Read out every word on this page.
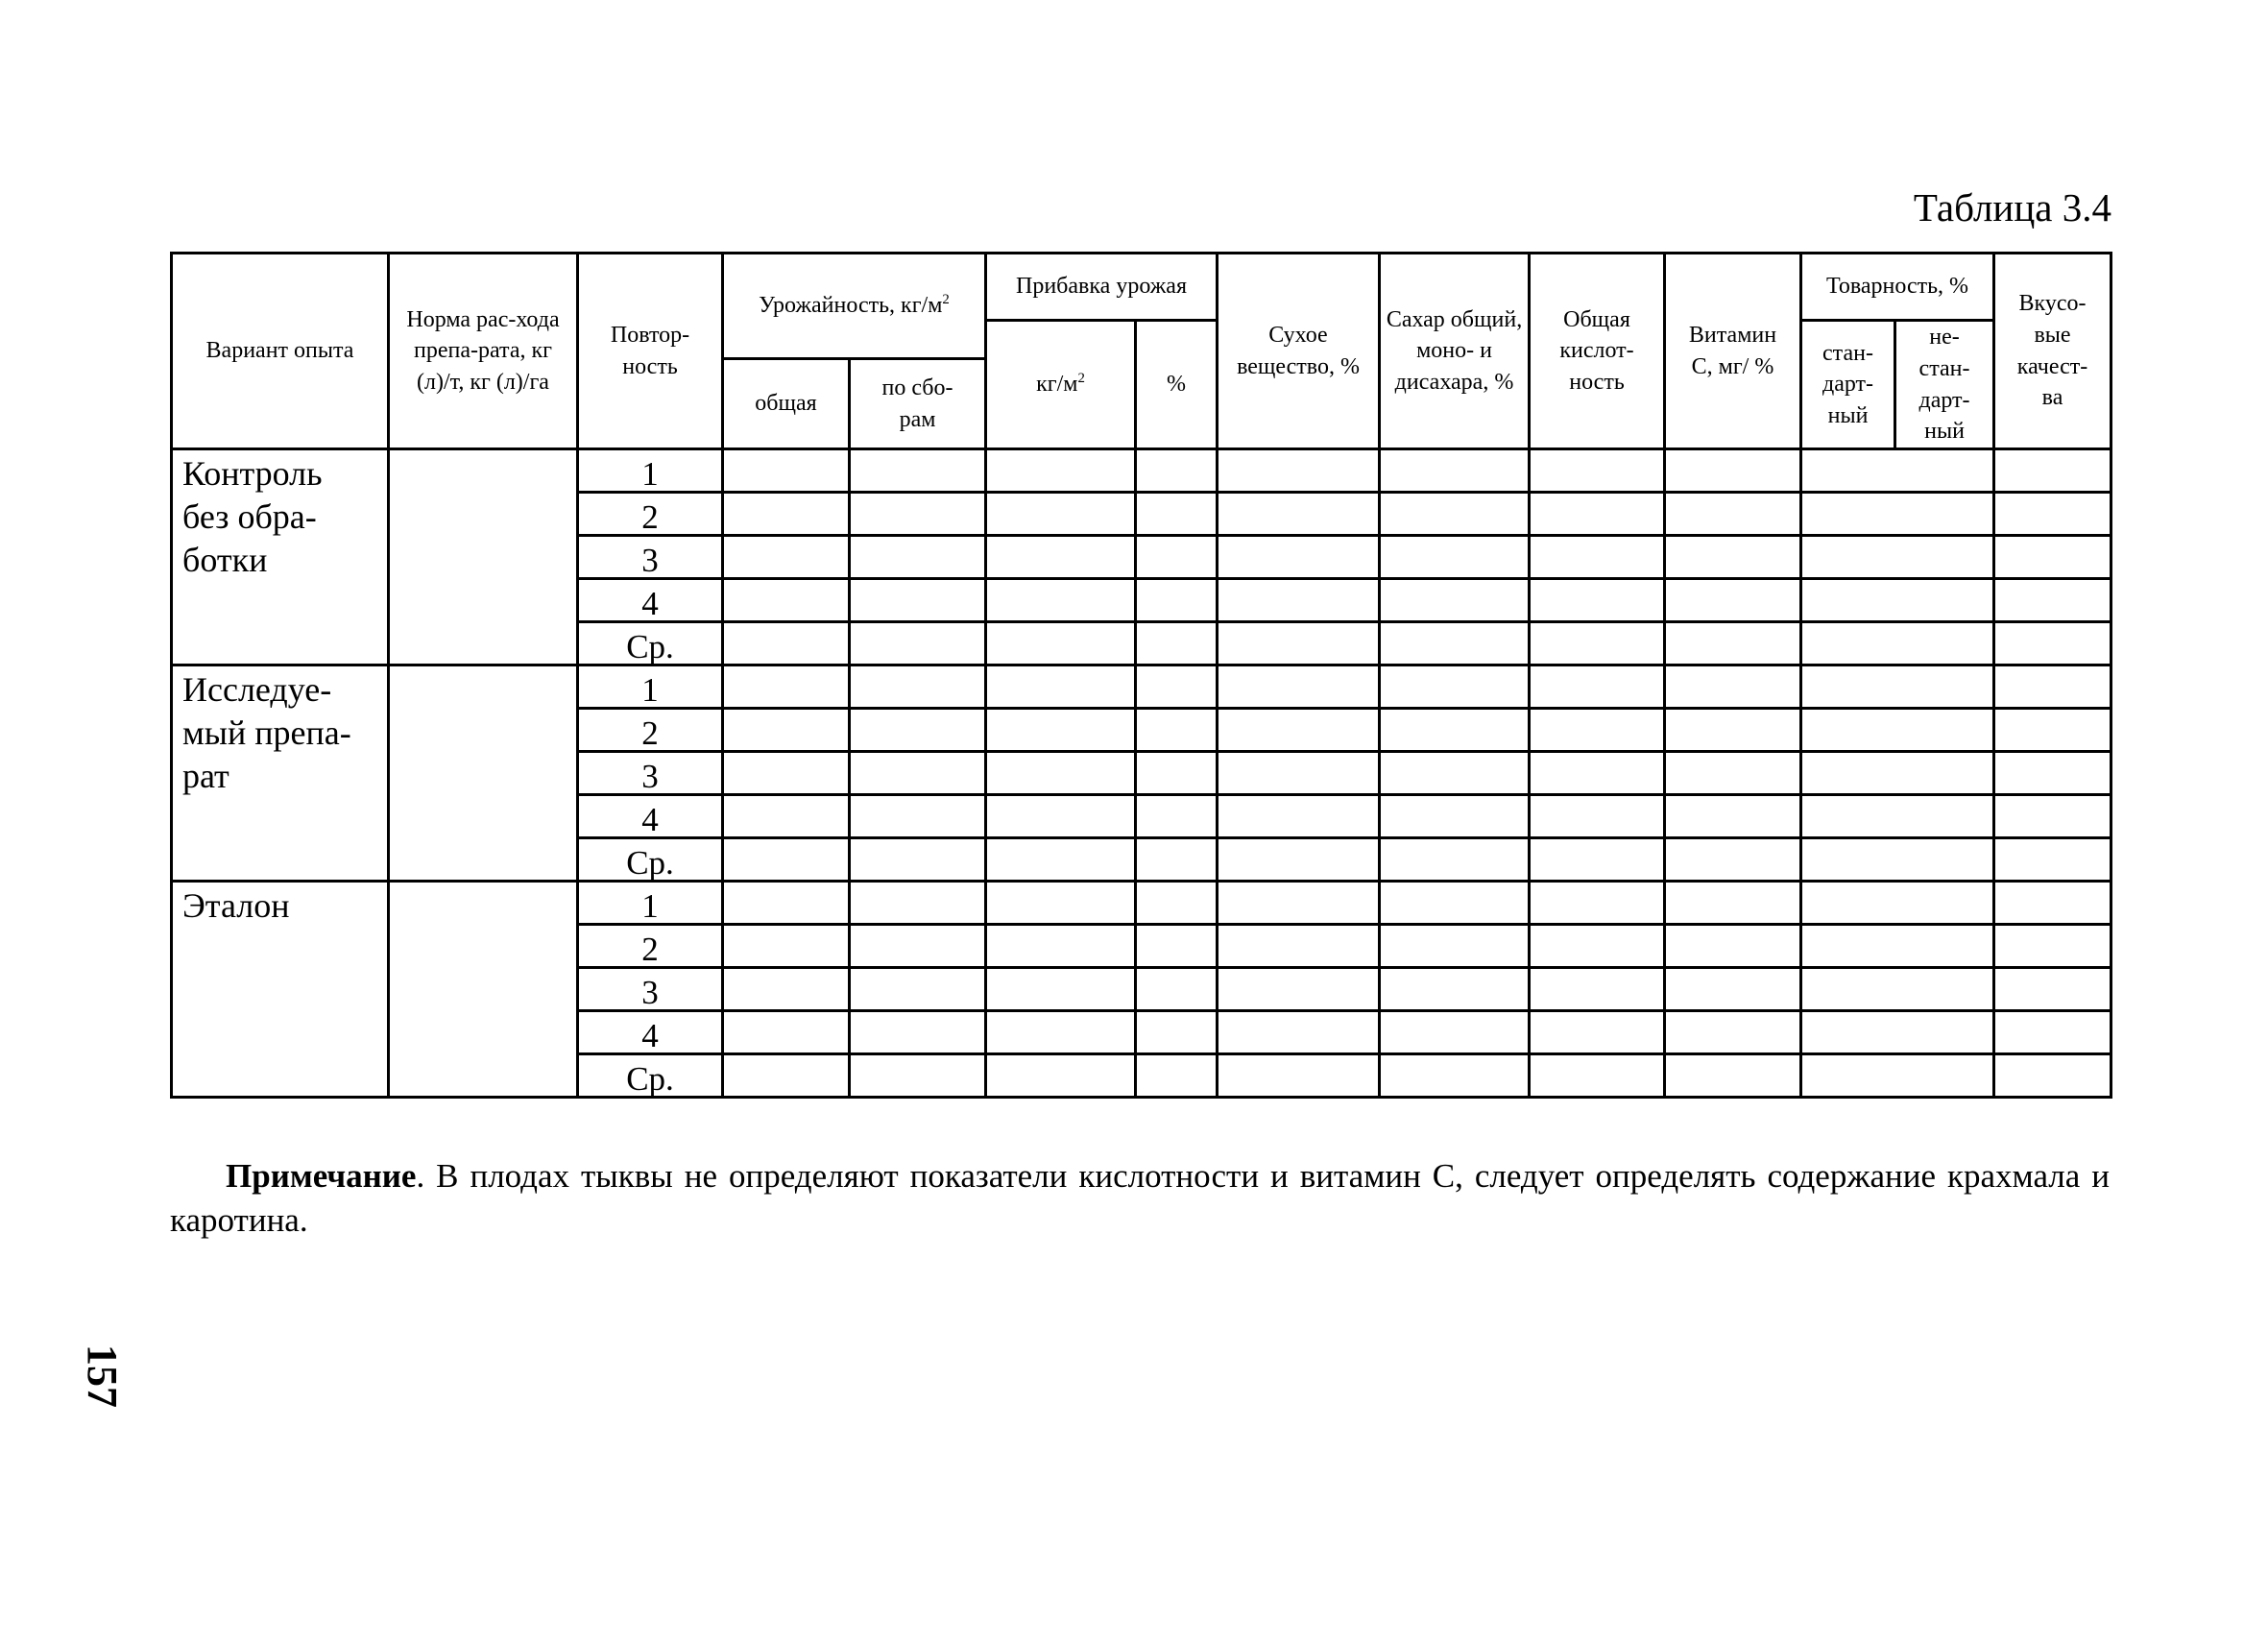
Таблица 3.4
Вариант опыта	Норма рас-хода препа-рата, кг (л)/т, кг (л)/га	Повтор-ность	Урожайность, $кг/м^2$		Прибавка урожая		Сухое вещество, %	Сахар общий, моно- и дисахара, %	Общая кислот-ность	Витамин С, мг/ %	Товарность, %		Вкусо-вые качест-ва
					$кг/м^2$	%					стан-дарт-ный	не-стан-дарт-ный	
			общая	по сбо-рам									
Контроль без обра-ботки		1											
		2											
		3											
		4											
		Ср.											
Исследуе-мый препа-рат		1											
		2											
		3											
		4											
		Ср.											
Эталон		1											
		2											
		3											
		4											
		Ср.											
Примечание. В плодах тыквы не определяют показатели кислотности и витамин С, следует определять содержание крахмала и каротина.
157
